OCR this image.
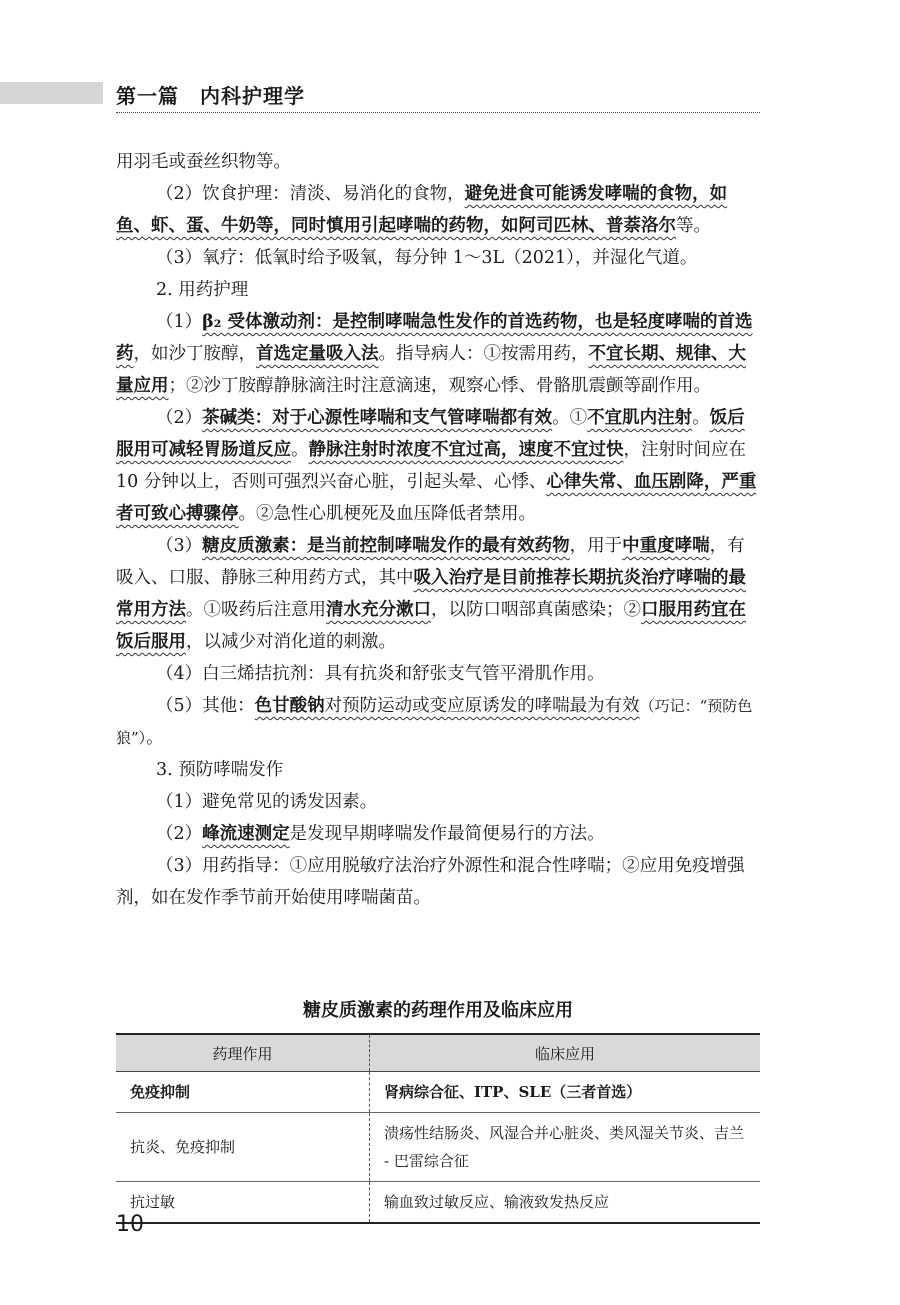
第一篇　内科护理学

用羽毛或蚕丝织物等。

（2）饮食护理：清淡、易消化的食物，避免进食可能诱发哮喘的食物，如鱼、虾、蛋、牛奶等，同时慎用引起哮喘的药物，如阿司匹林、普萘洛尔等。

（3）氧疗：低氧时给予吸氧，每分钟 1～3L（2021），并湿化气道。

2. 用药护理

（1）β₂ 受体激动剂：是控制哮喘急性发作的首选药物，也是轻度哮喘的首选药，如沙丁胺醇，首选定量吸入法。指导病人：①按需用药，不宜长期、规律、大量应用；②沙丁胺醇静脉滴注时注意滴速，观察心悸、骨骼肌震颤等副作用。

（2）茶碱类：对于心源性哮喘和支气管哮喘都有效。①不宜肌内注射。饭后服用可减轻胃肠道反应。静脉注射时浓度不宜过高，速度不宜过快，注射时间应在 10 分钟以上，否则可强烈兴奋心脏，引起头晕、心悸、心律失常、血压剧降，严重者可致心搏骤停。②急性心肌梗死及血压降低者禁用。

（3）糖皮质激素：是当前控制哮喘发作的最有效药物，用于中重度哮喘，有吸入、口服、静脉三种用药方式，其中吸入治疗是目前推荐长期抗炎治疗哮喘的最常用方法。①吸药后注意用清水充分漱口，以防口咽部真菌感染；②口服用药宜在饭后服用，以减少对消化道的刺激。

（4）白三烯拮抗剂：具有抗炎和舒张支气管平滑肌作用。

（5）其他：色甘酸钠对预防运动或变应原诱发的哮喘最为有效（巧记：“预防色狼”）。

3. 预防哮喘发作

（1）避免常见的诱发因素。

（2）峰流速测定是发现早期哮喘发作最简便易行的方法。

（3）用药指导：①应用脱敏疗法治疗外源性和混合性哮喘；②应用免疫增强剂，如在发作季节前开始使用哮喘菌苗。

糖皮质激素的药理作用及临床应用
药理作用	临床应用
免疫抑制	肾病综合征、ITP、SLE（三者首选）
抗炎、免疫抑制	溃疡性结肠炎、风湿合并心脏炎、类风湿关节炎、吉兰 - 巴雷综合征
抗过敏	输血致过敏反应、输液致发热反应
10
